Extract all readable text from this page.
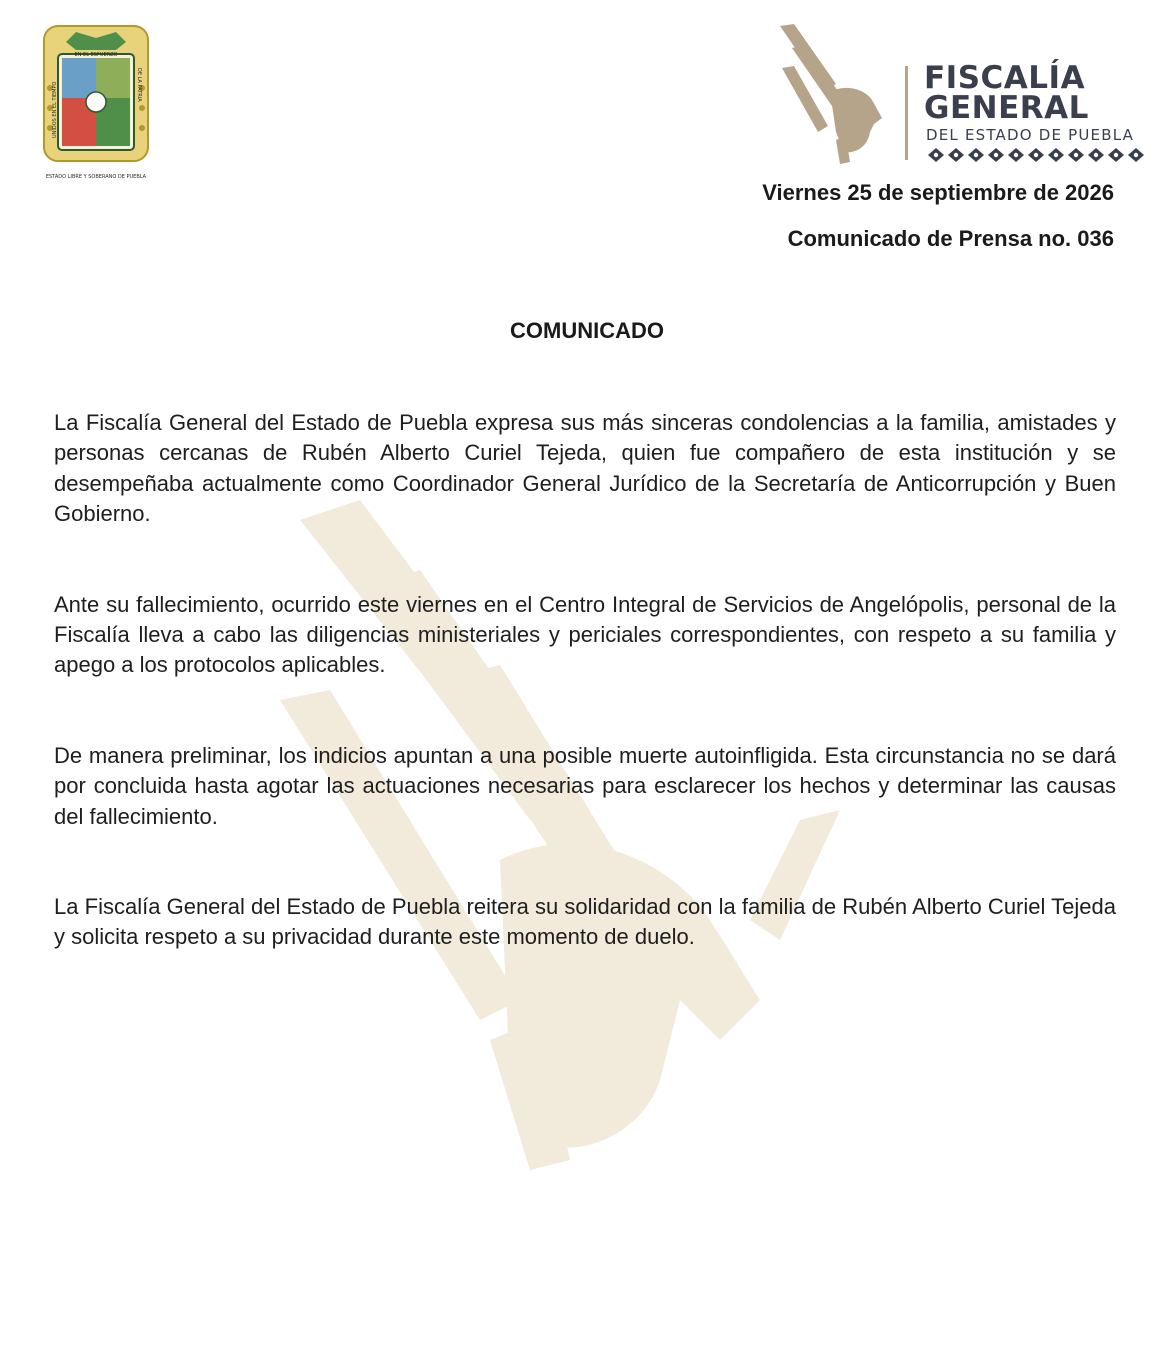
EN EL ESFUERZO
UNIDOS EN EL TIEMPO	DE LA PATRIA
ESTADO LIBRE Y SOBERANO DE PUEBLA
FISCALÍA
GENERAL
DEL ESTADO DE PUEBLA
Viernes 25 de septiembre de 2026
Comunicado de Prensa no. 036
COMUNICADO

La Fiscalía General del Estado de Puebla expresa sus más sinceras condolencias a la familia, amistades y personas cercanas de Rubén Alberto Curiel Tejeda, quien fue compañero de esta institución y se desempeñaba actualmente como Coordinador General Jurídico de la Secretaría de Anticorrupción y Buen Gobierno.

Ante su fallecimiento, ocurrido este viernes en el Centro Integral de Servicios de Angelópolis, personal de la Fiscalía lleva a cabo las diligencias ministeriales y periciales correspondientes, con respeto a su familia y apego a los protocolos aplicables.

De manera preliminar, los indicios apuntan a una posible muerte autoinfligida. Esta circunstancia no se dará por concluida hasta agotar las actuaciones necesarias para esclarecer los hechos y determinar las causas del fallecimiento.

La Fiscalía General del Estado de Puebla reitera su solidaridad con la familia de Rubén Alberto Curiel Tejeda y solicita respeto a su privacidad durante este momento de duelo.
